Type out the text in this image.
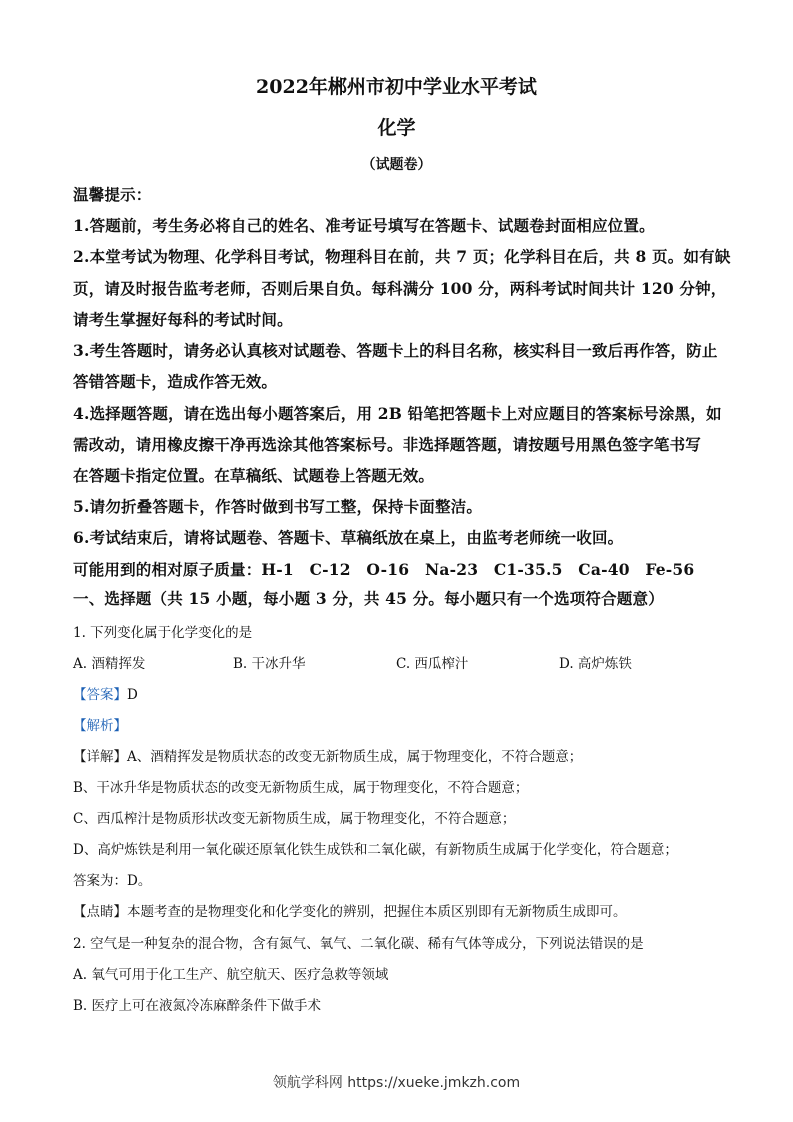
2022年郴州市初中学业水平考试
化学
（试题卷）
温馨提示：
1.答题前，考生务必将自己的姓名、准考证号填写在答题卡、试题卷封面相应位置。
2.本堂考试为物理、化学科目考试，物理科目在前，共 7 页；化学科目在后，共 8 页。如有缺
页，请及时报告监考老师，否则后果自负。每科满分 100 分，两科考试时间共计 120 分钟，
请考生掌握好每科的考试时间。
3.考生答题时，请务必认真核对试题卷、答题卡上的科目名称，核实科目一致后再作答，防止
答错答题卡，造成作答无效。
4.选择题答题，请在选出每小题答案后，用 2B 铅笔把答题卡上对应题目的答案标号涂黑，如
需改动，请用橡皮擦干净再选涂其他答案标号。非选择题答题，请按题号用黑色签字笔书写
在答题卡指定位置。在草稿纸、试题卷上答题无效。
5.请勿折叠答题卡，作答时做到书写工整，保持卡面整洁。
6.考试结束后，请将试题卷、答题卡、草稿纸放在桌上，由监考老师统一收回。
可能用到的相对原子质量：H-1　C-12　O-16　Na-23　C1-35.5　Ca-40　Fe-56
一、选择题（共 15 小题，每小题 3 分，共 45 分。每小题只有一个选项符合题意）
1. 下列变化属于化学变化的是
A. 酒精挥发	B. 干冰升华	C. 西瓜榨汁	D. 高炉炼铁
【答案】D
【解析】
【详解】A、酒精挥发是物质状态的改变无新物质生成，属于物理变化，不符合题意；
B、干冰升华是物质状态的改变无新物质生成，属于物理变化，不符合题意；
C、西瓜榨汁是物质形状改变无新物质生成，属于物理变化，不符合题意；
D、高炉炼铁是利用一氧化碳还原氧化铁生成铁和二氧化碳，有新物质生成属于化学变化，符合题意；
答案为：D。
【点睛】本题考查的是物理变化和化学变化的辨别，把握住本质区别即有无新物质生成即可。
2. 空气是一种复杂的混合物，含有氮气、氧气、二氧化碳、稀有气体等成分，下列说法错误的是
A. 氧气可用于化工生产、航空航天、医疗急救等领域
B. 医疗上可在液氮冷冻麻醉条件下做手术
领航学科网 https://xueke.jmkzh.com
